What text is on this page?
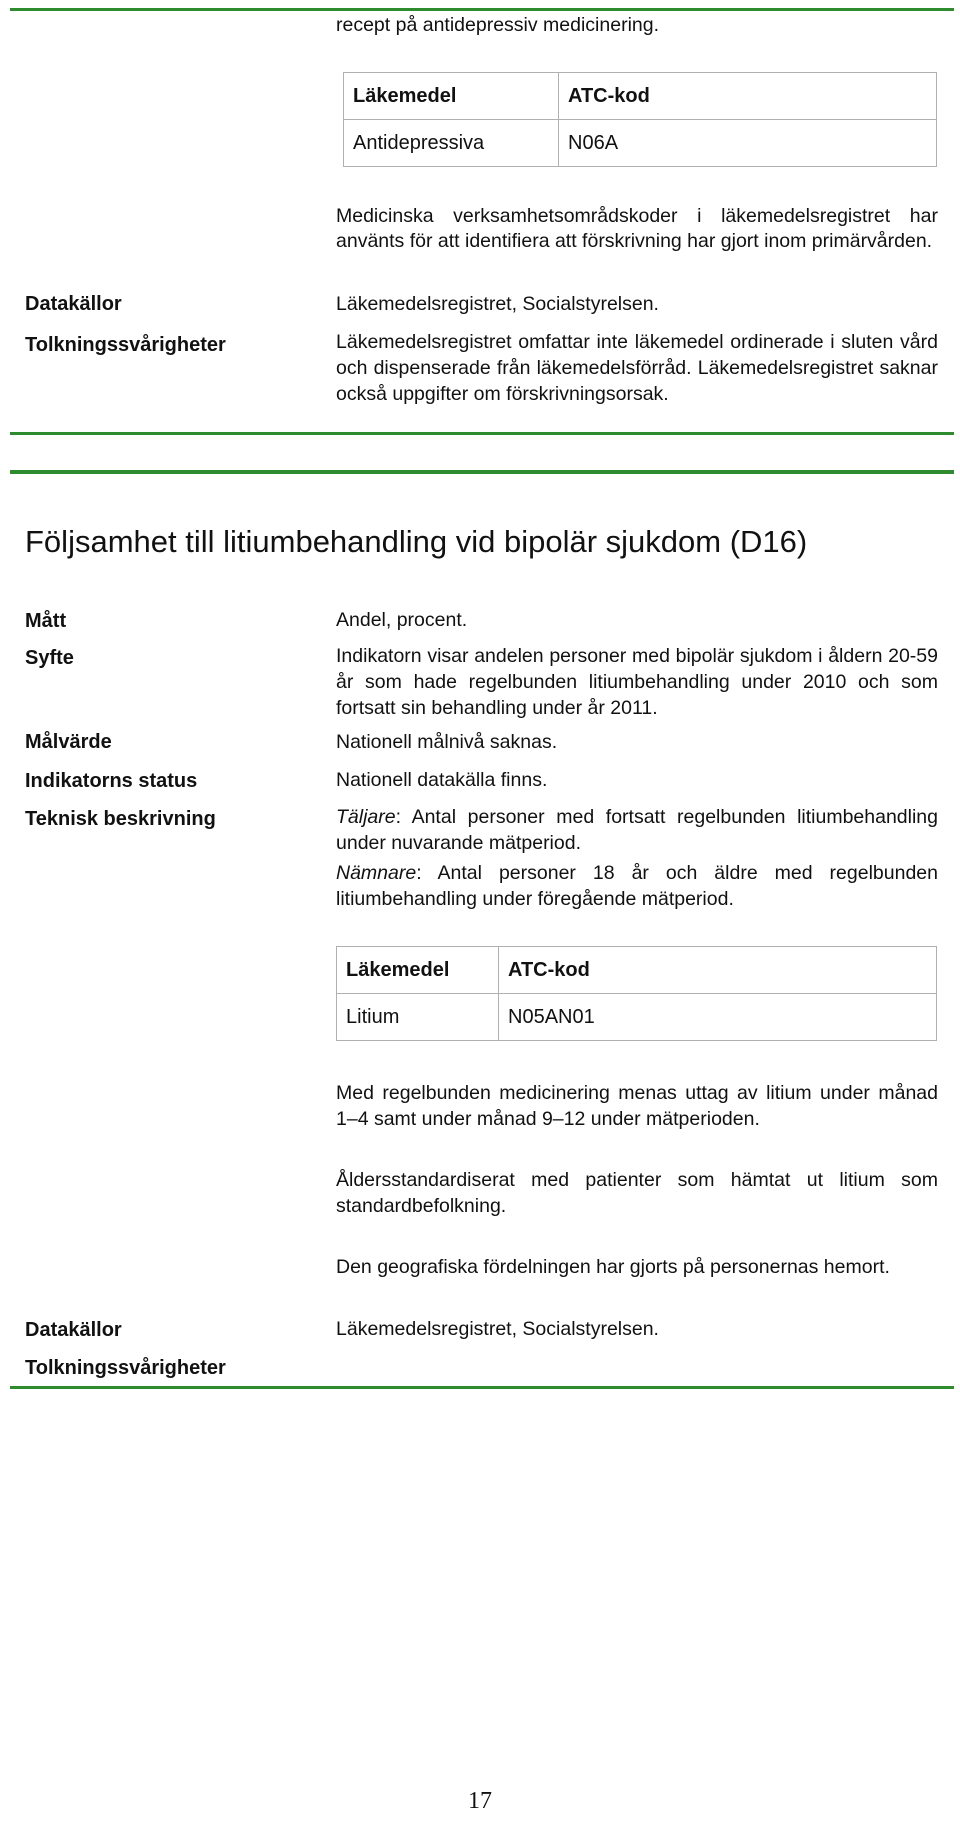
recept på antidepressiv medicinering.
Läkemedel	ATC-kod
Antidepressiva	N06A
Medicinska verksamhetsområdskoder i läkemedelsregistret har använts för att identifiera att förskrivning har gjort inom primärvården.
Datakällor	Läkemedelsregistret, Socialstyrelsen.
Tolkningssvårigheter	Läkemedelsregistret omfattar inte läkemedel ordinerade i sluten vård och dispenserade från läkemedelsförråd. Läkemedelsregistret saknar också uppgifter om förskrivningsorsak.
Följsamhet till litiumbehandling vid bipolär sjukdom (D16)
Mått	Andel, procent.
Syfte	Indikatorn visar andelen personer med bipolär sjukdom i åldern 20-59 år som hade regelbunden litiumbehandling under 2010 och som fortsatt sin behandling under år 2011.
Målvärde	Nationell målnivå saknas.
Indikatorns status	Nationell datakälla finns.
Teknisk beskrivning	Täljare: Antal personer med fortsatt regelbunden litiumbehandling under nuvarande mätperiod.
Nämnare: Antal personer 18 år och äldre med regelbunden litiumbehandling under föregående mätperiod.
Läkemedel	ATC-kod
Litium	N05AN01
Med regelbunden medicinering menas uttag av litium under månad 1–4 samt under månad 9–12 under mätperioden.
Åldersstandardiserat med patienter som hämtat ut litium som standardbefolkning.
Den geografiska fördelningen har gjorts på personernas hemort.
Datakällor	Läkemedelsregistret, Socialstyrelsen.
Tolkningssvårigheter
17
